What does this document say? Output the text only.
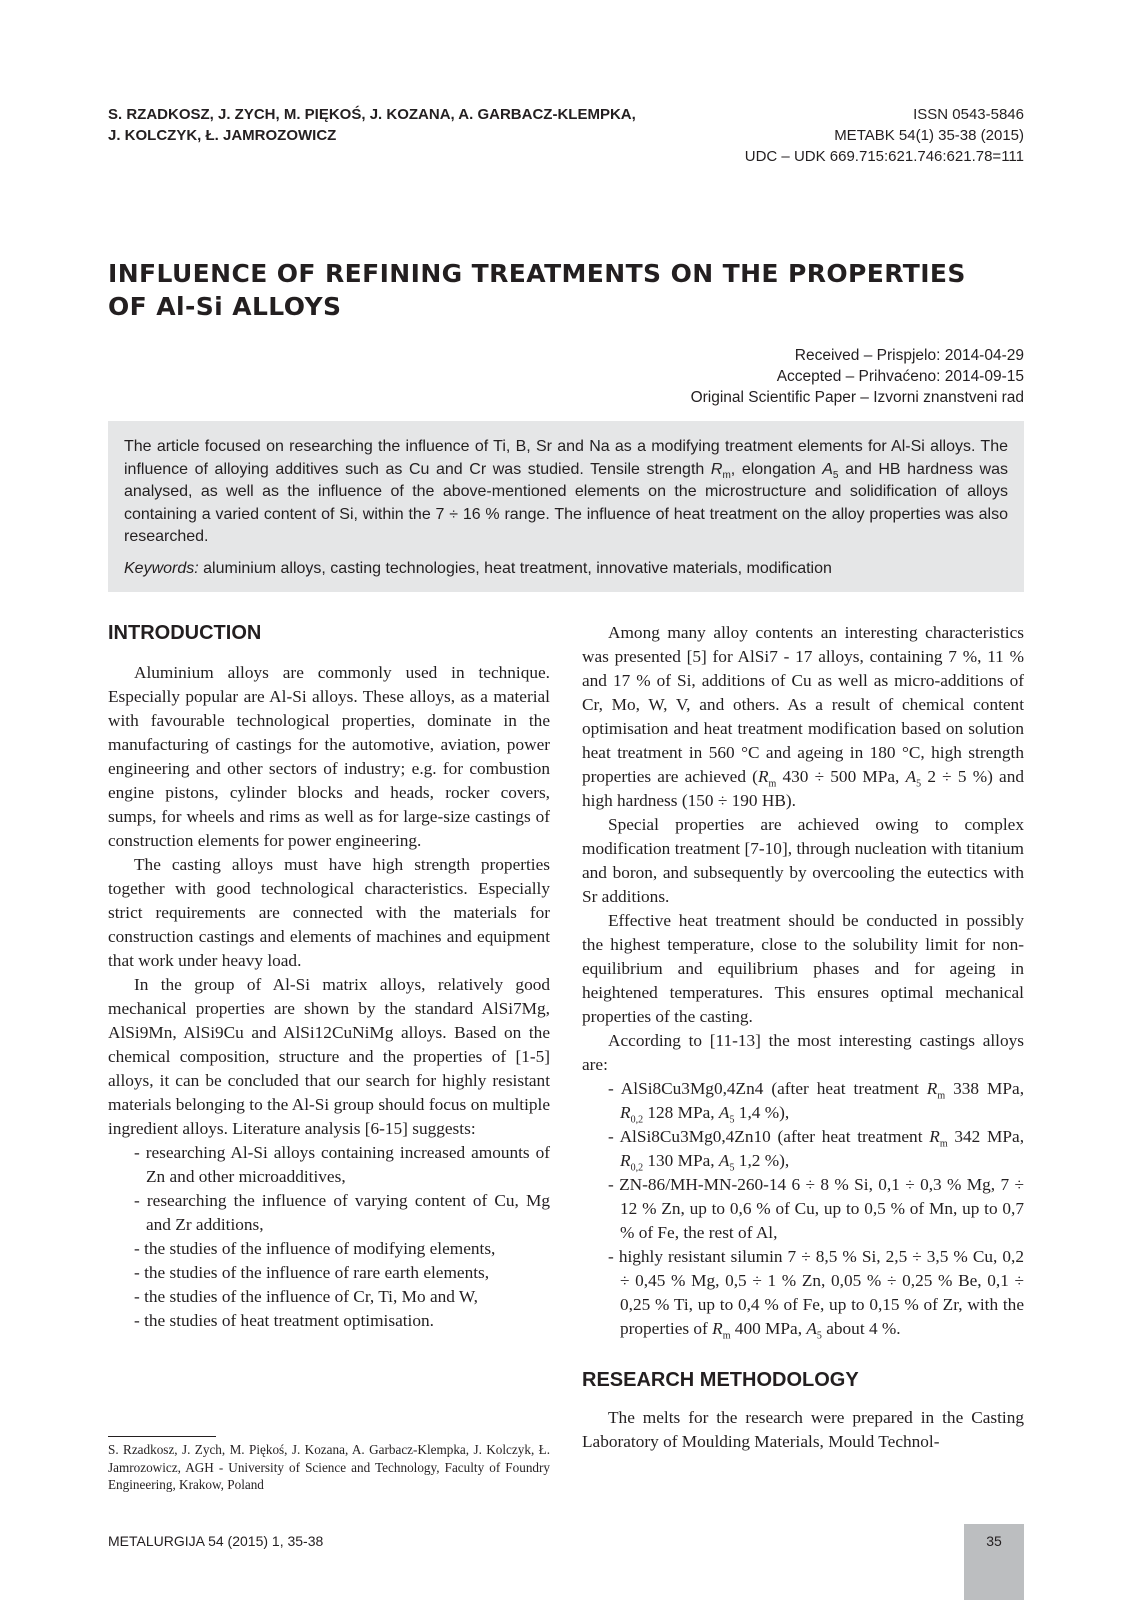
S. RZADKOSZ, J. ZYCH, M. PIĘKOŚ, J. KOZANA, A. GARBACZ-KLEMPKA,
J. KOLCZYK, Ł. JAMROZOWICZ
ISSN 0543-5846
METABK 54(1) 35-38 (2015)
UDC – UDK 669.715:621.746:621.78=111
INFLUENCE OF REFINING TREATMENTS ON THE PROPERTIES
OF Al-Si ALLOYS
Received – Prispjelo: 2014-04-29
Accepted – Prihvaćeno: 2014-09-15
Original Scientific Paper – Izvorni znanstveni rad

The article focused on researching the influence of Ti, B, Sr and Na as a modifying treatment elements for Al-Si alloys. The influence of alloying additives such as Cu and Cr was studied. Tensile strength $R_m$, elongation $A_5$ and HB hardness was analysed, as well as the influence of the above-mentioned elements on the microstructure and solidification of alloys containing a varied content of Si, within the 7 ÷ 16 % range. The influence of heat treatment on the alloy properties was also researched.

Keywords: aluminium alloys, casting technologies, heat treatment, innovative materials, modification

INTRODUCTION

Aluminium alloys are commonly used in technique. Especially popular are Al-Si alloys. These alloys, as a material with favourable technological properties, dominate in the manufacturing of castings for the automotive, aviation, power engineering and other sectors of industry; e.g. for combustion engine pistons, cylinder blocks and heads, rocker covers, sumps, for wheels and rims as well as for large-size castings of construction elements for power engineering.

The casting alloys must have high strength properties together with good technological characteristics. Especially strict requirements are connected with the materials for construction castings and elements of machines and equipment that work under heavy load.

In the group of Al-Si matrix alloys, relatively good mechanical properties are shown by the standard AlSi7Mg, AlSi9Mn, AlSi9Cu and AlSi12CuNiMg alloys. Based on the chemical composition, structure and the properties of [1-5] alloys, it can be concluded that our search for highly resistant materials belonging to the Al-Si group should focus on multiple ingredient alloys. Literature analysis [6-15] suggests:

- researching Al-Si alloys containing increased amounts of Zn and other microadditives,
- researching the influence of varying content of Cu, Mg and Zr additions,
- the studies of the influence of modifying elements,
- the studies of the influence of rare earth elements,
- the studies of the influence of Cr, Ti, Mo and W,
- the studies of heat treatment optimisation.

Among many alloy contents an interesting characteristics was presented [5] for AlSi7 - 17 alloys, containing 7 %, 11 % and 17 % of Si, additions of Cu as well as micro-additions of Cr, Mo, W, V, and others. As a result of chemical content optimisation and heat treatment modification based on solution heat treatment in 560 °C and ageing in 180 °C, high strength properties are achieved ($R_m$ 430 ÷ 500 MPa, $A_5$ 2 ÷ 5 %) and high hardness (150 ÷ 190 HB).

Special properties are achieved owing to complex modification treatment [7-10], through nucleation with titanium and boron, and subsequently by overcooling the eutectics with Sr additions.

Effective heat treatment should be conducted in possibly the highest temperature, close to the solubility limit for non-equilibrium and equilibrium phases and for ageing in heightened temperatures. This ensures optimal mechanical properties of the casting.

According to [11-13] the most interesting castings alloys are:

- AlSi8Cu3Mg0,4Zn4 (after heat treatment $R_m$ 338 MPa, $R_{0,2}$ 128 MPa, $A_5$ 1,4 %),
- AlSi8Cu3Mg0,4Zn10 (after heat treatment $R_m$ 342 MPa, $R_{0,2}$ 130 MPa, $A_5$ 1,2 %),
- ZN-86/MH-MN-260-14 6 ÷ 8 % Si, 0,1 ÷ 0,3 % Mg, 7 ÷ 12 % Zn, up to 0,6 % of Cu, up to 0,5 % of Mn, up to 0,7 % of Fe, the rest of Al,
- highly resistant silumin 7 ÷ 8,5 % Si, 2,5 ÷ 3,5 % Cu, 0,2 ÷ 0,45 % Mg, 0,5 ÷ 1 % Zn, 0,05 % ÷ 0,25 % Be, 0,1 ÷ 0,25 % Ti, up to 0,4 % of Fe, up to 0,15 % of Zr, with the properties of $R_m$ 400 MPa, $A_5$ about 4 %.
RESEARCH METHODOLOGY

The melts for the research were prepared in the Casting Laboratory of Moulding Materials, Mould Technol-

S. Rzadkosz, J. Zych, M. Piękoś, J. Kozana, A. Garbacz-Klempka, J. Kolczyk, Ł. Jamrozowicz, AGH - University of Science and Technology, Faculty of Foundry Engineering, Krakow, Poland
METALURGIJA 54 (2015) 1, 35-38	35
